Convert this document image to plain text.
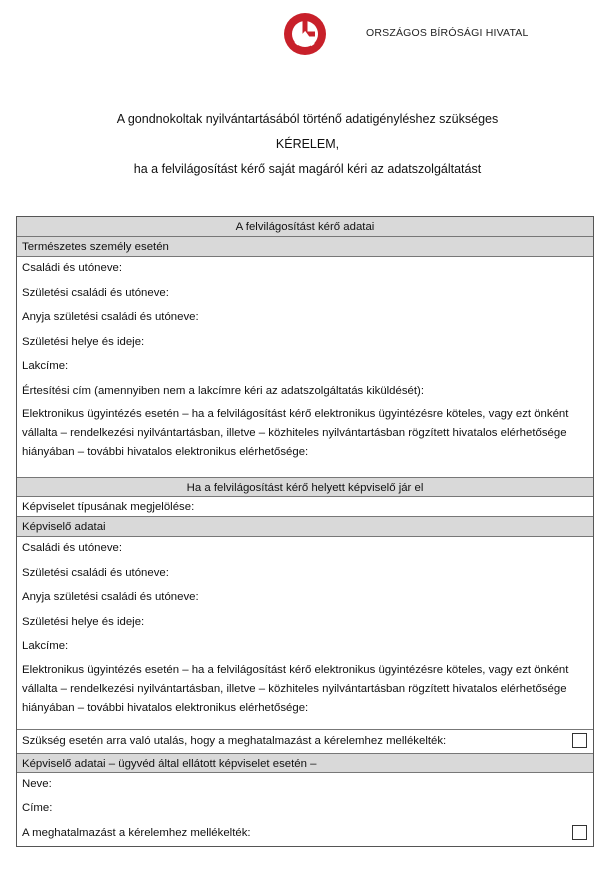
ORSZÁGOS BÍRÓSÁGI HIVATAL
A gondnokoltak nyilvántartásából történő adatigényléshez szükséges
KÉRELEM,
ha a felvilágosítást kérő saját magáról kéri az adatszolgáltatást
A felvilágosítást kérő adatai
Természetes személy esetén
Családi és utóneve:
Születési családi és utóneve:
Anyja születési családi és utóneve:
Születési helye és ideje:
Lakcíme:
Értesítési cím (amennyiben nem a lakcímre kéri az adatszolgáltatás kiküldését):
Elektronikus ügyintézés esetén – ha a felvilágosítást kérő elektronikus ügyintézésre köteles, vagy ezt önként vállalta – rendelkezési nyilvántartásban, illetve – közhiteles nyilvántartásban rögzített hivatalos elérhetősége hiányában – további hivatalos elektronikus elérhetősége:
Ha a felvilágosítást kérő helyett képviselő jár el
Képviselet típusának megjelölése:
Képviselő adatai
Családi és utóneve:
Születési családi és utóneve:
Anyja születési családi és utóneve:
Születési helye és ideje:
Lakcíme:
Elektronikus ügyintézés esetén – ha a felvilágosítást kérő elektronikus ügyintézésre köteles, vagy ezt önként vállalta – rendelkezési nyilvántartásban, illetve – közhiteles nyilvántartásban rögzített hivatalos elérhetősége hiányában – további hivatalos elektronikus elérhetősége:
Szükség esetén arra való utalás, hogy a meghatalmazást a kérelemhez mellékelték:
Képviselő adatai – ügyvéd által ellátott képviselet esetén –
Neve:
Címe:
A meghatalmazást a kérelemhez mellékelték:
